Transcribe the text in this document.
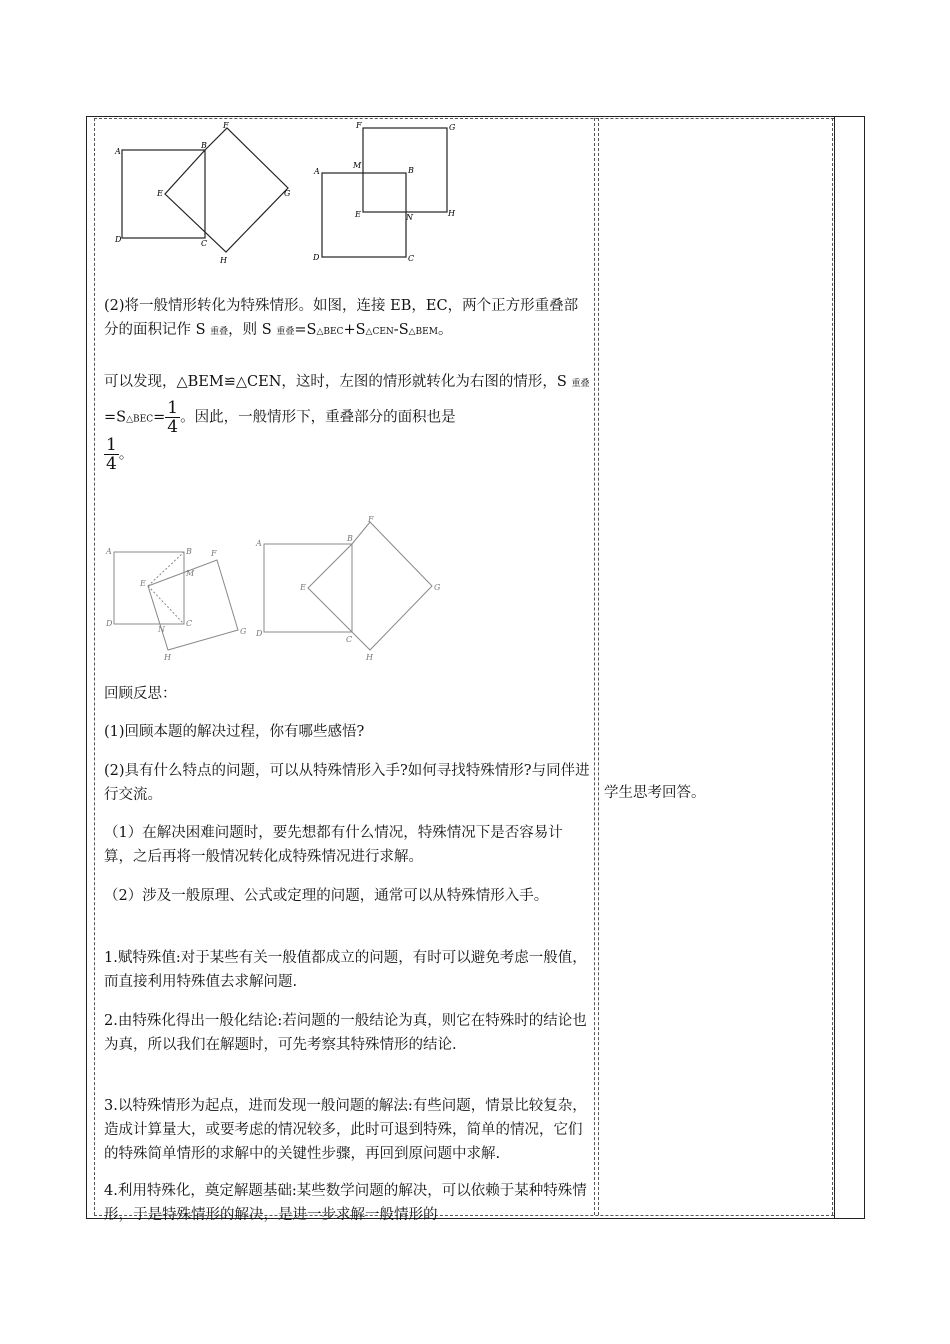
A
B
F
E	G
D	C
H
F	G
A
M
B
E	N	H
D	C
(2)将一般情形转化为特殊情形。如图，连接 EB，EC，两个正方形重叠部分的面积记作 S 重叠，则 S 重叠=S△BEC+S△CEN-S△BEM。
可以发现，△BEM≌△CEN，这时，左图的情形就转化为右图的情形，S 重叠=S△BEC= $\frac{1}{4}$ 。因此，一般情形下，重叠部分的面积也是

$\frac{1}{4}$ 。
A	B F
E
M
D
N
C
G
H
A
B
F
E	G
D
C
H
回顾反思：
(1)回顾本题的解决过程，你有哪些感悟?
(2)具有什么特点的问题，可以从特殊情形入手?如何寻找特殊情形?与同伴进行交流。
（1）在解决困难问题时，要先想都有什么情况，特殊情况下是否容易计算，之后再将一般情况转化成特殊情况进行求解。
（2）涉及一般原理、公式或定理的问题，通常可以从特殊情形入手。
1.赋特殊值:对于某些有关一般值都成立的问题，有时可以避免考虑一般值，而直接利用特殊值去求解问题.
2.由特殊化得出一般化结论:若问题的一般结论为真，则它在特殊时的结论也为真，所以我们在解题时，可先考察其特殊情形的结论.
3.以特殊情形为起点，进而发现一般问题的解法:有些问题，情景比较复杂，造成计算量大，或要考虑的情况较多，此时可退到特殊，简单的情况，它们的特殊简单情形的求解中的关键性步骤，再回到原问题中求解.
4.利用特殊化，奠定解题基础:某些数学问题的解决，可以依赖于某种特殊情形，于是特殊情形的解决，是进一步求解一般情形的
学生思考回答。
